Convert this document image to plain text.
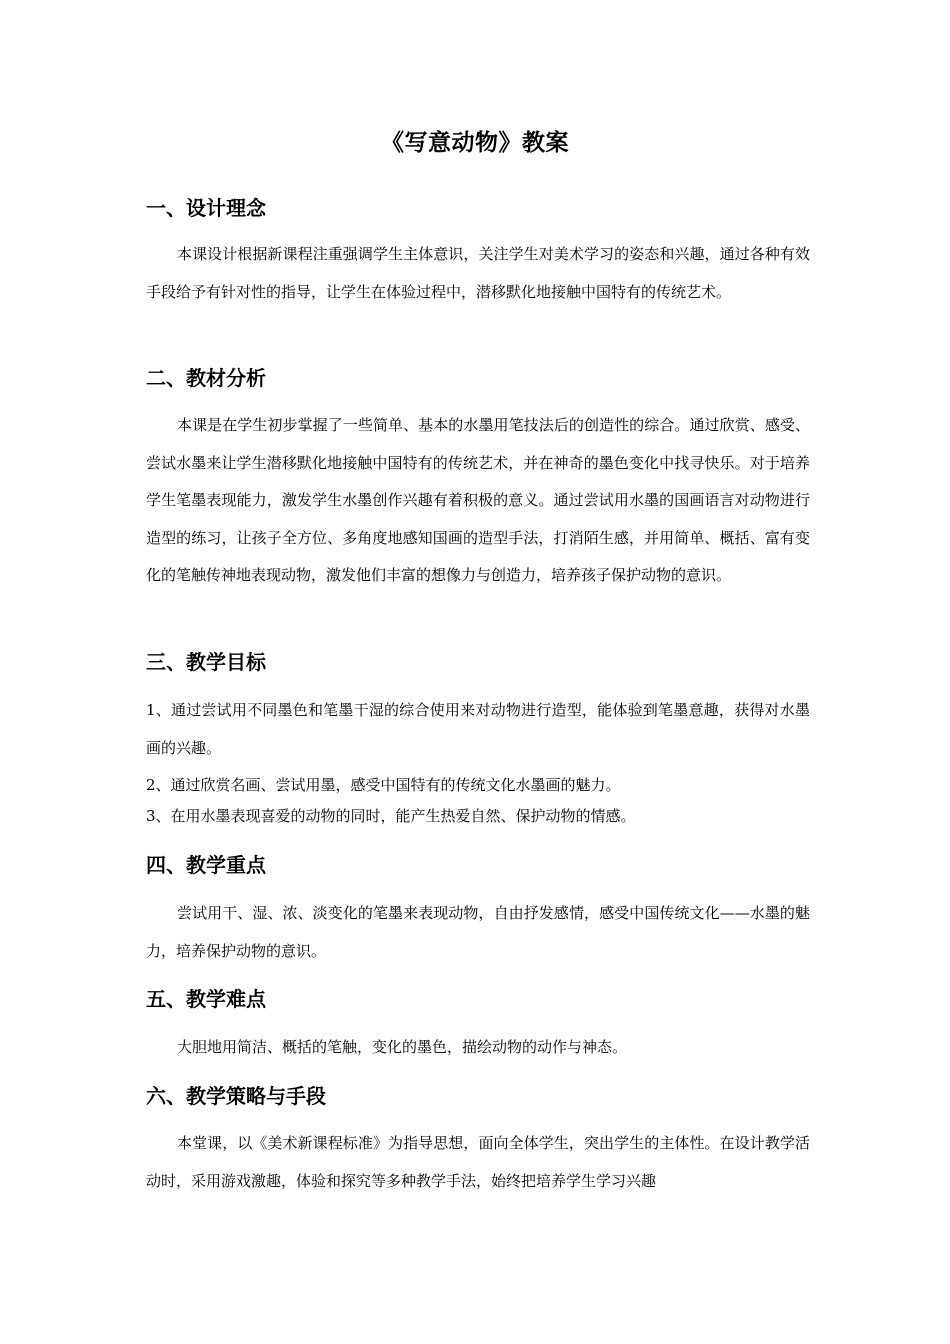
《写意动物》教案
一、设计理念
本课设计根据新课程注重强调学生主体意识，关注学生对美术学习的姿态和兴趣，通过各种有效手段给予有针对性的指导，让学生在体验过程中，潜移默化地接触中国特有的传统艺术。
二、教材分析
本课是在学生初步掌握了一些简单、基本的水墨用笔技法后的创造性的综合。通过欣赏、感受、尝试水墨来让学生潜移默化地接触中国特有的传统艺术，并在神奇的墨色变化中找寻快乐。对于培养学生笔墨表现能力，激发学生水墨创作兴趣有着积极的意义。通过尝试用水墨的国画语言对动物进行造型的练习，让孩子全方位、多角度地感知国画的造型手法，打消陌生感，并用简单、概括、富有变化的笔触传神地表现动物，激发他们丰富的想像力与创造力，培养孩子保护动物的意识。
三、教学目标
1、通过尝试用不同墨色和笔墨干湿的综合使用来对动物进行造型，能体验到笔墨意趣，获得对水墨画的兴趣。
2、通过欣赏名画、尝试用墨，感受中国特有的传统文化水墨画的魅力。
3、在用水墨表现喜爱的动物的同时，能产生热爱自然、保护动物的情感。
四、教学重点
尝试用干、湿、浓、淡变化的笔墨来表现动物，自由抒发感情，感受中国传统文化——水墨的魅力，培养保护动物的意识。
五、教学难点
大胆地用简洁、概括的笔触，变化的墨色，描绘动物的动作与神态。
六、教学策略与手段
本堂课，以《美术新课程标准》为指导思想，面向全体学生，突出学生的主体性。在设计教学活动时，采用游戏激趣，体验和探究等多种教学手法，始终把培养学生学习兴趣
